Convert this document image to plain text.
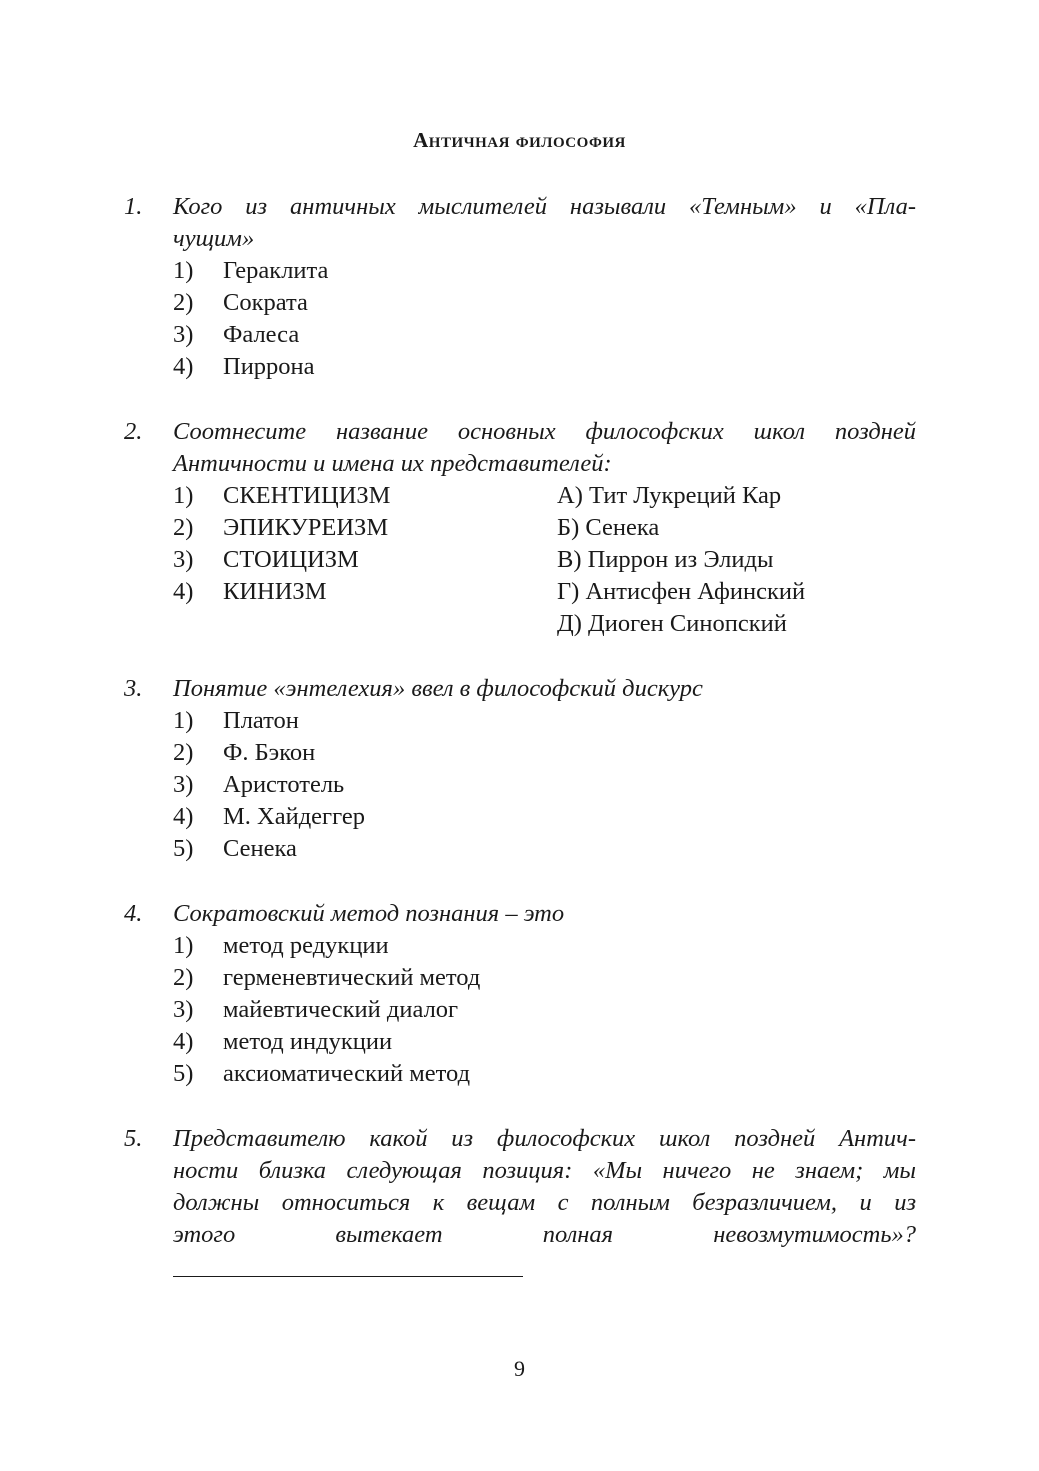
Античная философия
1. Кого из античных мыслителей называли «Темным» и «Пла-
чущим»
1) Гераклита
2) Сократа
3) Фалеса
4) Пиррона
2. Соотнесите название основных философских школ поздней
Античности и имена их представителей:
1) СКЕНТИЦИЗМ	А) Тит Лукреций Кар
2) ЭПИКУРЕИЗМ	Б) Сенека
3) СТОИЦИЗМ	В) Пиррон из Элиды
4) КИНИЗМ	Г) Антисфен Афинский
Д) Диоген Синопский
3. Понятие «энтелехия» ввел в философский дискурс
1) Платон
2) Ф. Бэкон
3) Аристотель
4) М. Хайдеггер
5) Сенека
4. Сократовский метод познания – это
1) метод редукции
2) герменевтический метод
3) майевтический диалог
4) метод индукции
5) аксиоматический метод
5. Представителю какой из философских школ поздней Антич-
ности близка следующая позиция: «Мы ничего не знаем; мы
должны относиться к вещам с полным безразличием, и из
этого вытекает полная невозмутимость»?
9
